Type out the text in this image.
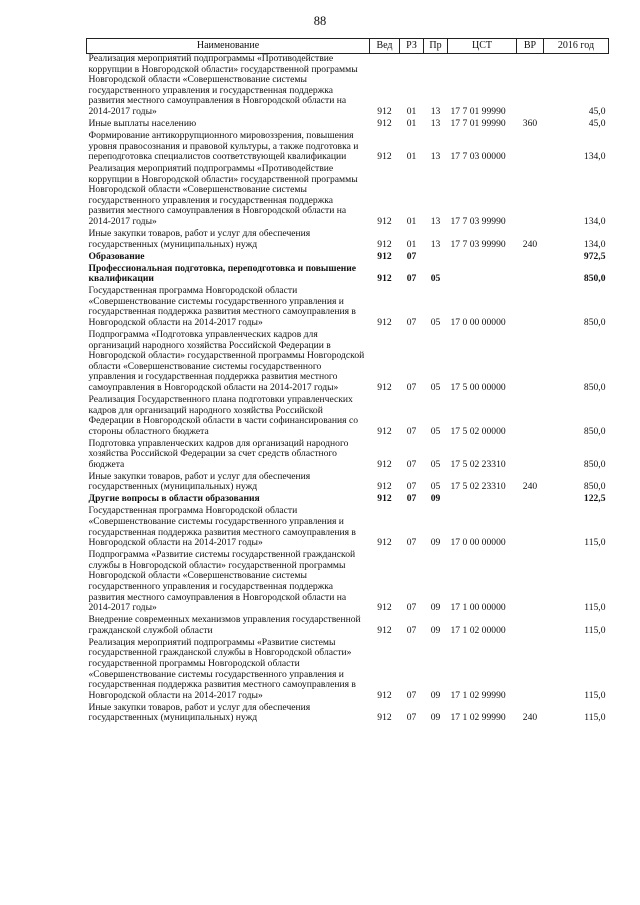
88
Наименование	Вед	РЗ	Пр	ЦСТ	ВР	2016 год
Реализация мероприятий подпрограммы «Противодействие коррупции в Новгородской области» государственной программы Новгородской области «Совершенствование системы государственного управления и государственная поддержка развития местного самоуправления в Новгородской области на 2014-2017 годы»	912	01	13	17 7 01 99990		45,0
Иные выплаты населению	912	01	13	17 7 01 99990	360	45,0
Формирование антикоррупционного мировоззрения, повышения уровня правосознания и правовой культуры, а также подготовка и переподготовка специалистов соответствующей квалификации	912	01	13	17 7 03 00000		134,0
Реализация мероприятий подпрограммы «Противодействие коррупции в Новгородской области» государственной программы Новгородской области «Совершенствование системы государственного управления и государственная поддержка развития местного самоуправления в Новгородской области на 2014-2017 годы»	912	01	13	17 7 03 99990		134,0
Иные закупки товаров, работ и услуг для обеспечения государственных (муниципальных) нужд	912	01	13	17 7 03 99990	240	134,0
Образование	912	07				972,5
Профессиональная подготовка, переподготовка и повышение квалификации	912	07	05			850,0
Государственная программа Новгородской области «Совершенствование системы государственного управления и государственная поддержка развития местного самоуправления в Новгородской области на 2014-2017 годы»	912	07	05	17 0 00 00000		850,0
Подпрограмма «Подготовка управленческих кадров для организаций народного хозяйства Российской Федерации в Новгородской области» государственной программы Новгородской области «Совершенствование системы государственного управления и государственная поддержка развития местного самоуправления в Новгородской области на 2014-2017 годы»	912	07	05	17 5 00 00000		850,0
Реализация Государственного плана подготовки управленческих кадров для организаций народного хозяйства Российской Федерации в Новгородской области в части софинансирования со стороны областного бюджета	912	07	05	17 5 02 00000		850,0
Подготовка управленческих кадров для организаций народного хозяйства Российской Федерации за счет средств областного бюджета	912	07	05	17 5 02 23310		850,0
Иные закупки товаров, работ и услуг для обеспечения государственных (муниципальных) нужд	912	07	05	17 5 02 23310	240	850,0
Другие вопросы в области образования	912	07	09			122,5
Государственная программа Новгородской области «Совершенствование системы государственного управления и государственная поддержка развития местного самоуправления в Новгородской области на 2014-2017 годы»	912	07	09	17 0 00 00000		115,0
Подпрограмма «Развитие системы государственной гражданской службы в Новгородской области» государственной программы Новгородской области «Совершенствование системы государственного управления и государственная поддержка развития местного самоуправления в Новгородской области на 2014-2017 годы»	912	07	09	17 1 00 00000		115,0
Внедрение современных механизмов управления государственной гражданской службой области	912	07	09	17 1 02 00000		115,0
Реализация мероприятий подпрограммы «Развитие системы государственной гражданской службы в Новгородской области» государственной программы Новгородской области «Совершенствование системы государственного управления и государственная поддержка развития местного самоуправления в Новгородской области на 2014-2017 годы»	912	07	09	17 1 02 99990		115,0
Иные закупки товаров, работ и услуг для обеспечения государственных (муниципальных) нужд	912	07	09	17 1 02 99990	240	115,0
